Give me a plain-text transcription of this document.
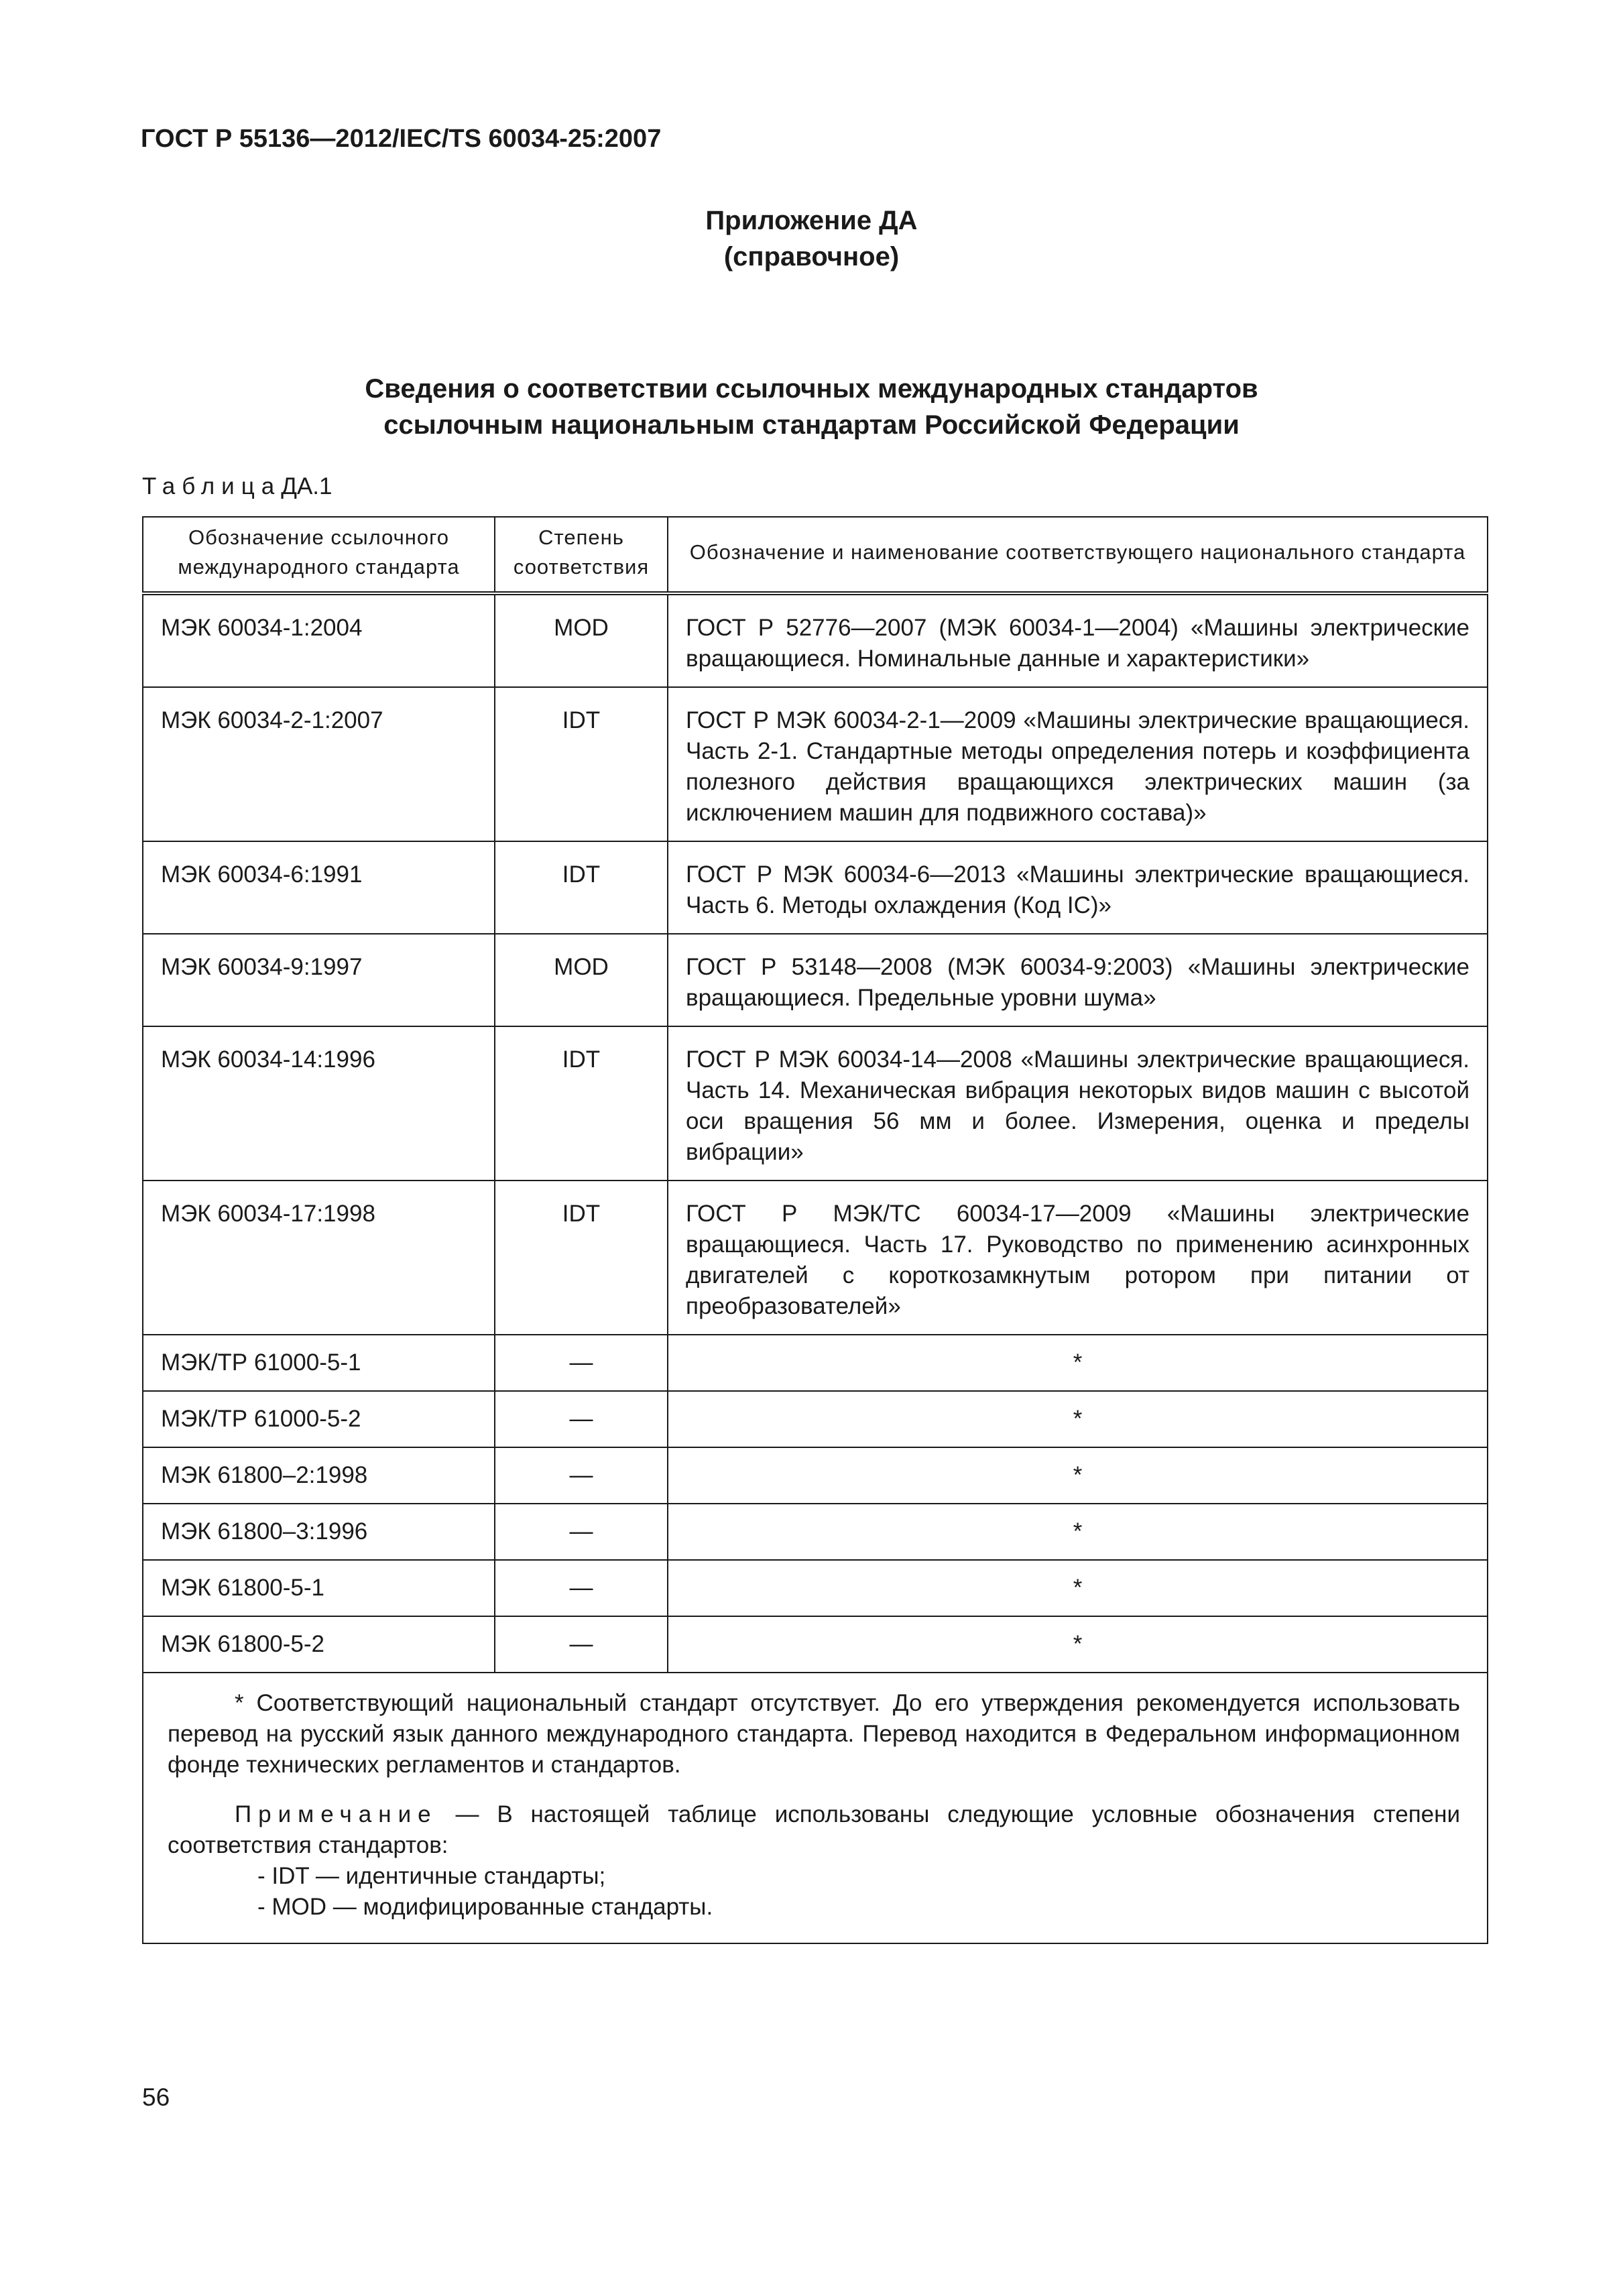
ГОСТ Р 55136—2012/IEC/TS 60034-25:2007
Приложение ДА
(справочное)
Сведения о соответствии ссылочных международных стандартов
ссылочным национальным стандартам Российской Федерации
ТаблицаДА.1
Обозначение ссылочного международного стандарта	Степень соответствия	Обозначение и наименование соответствующего национального стандарта
МЭК 60034-1:2004	MOD	ГОСТ Р 52776—2007 (МЭК 60034-1—2004) «Машины электрические вращающиеся. Номинальные данные и характеристики»
МЭК 60034-2-1:2007	IDT	ГОСТ Р МЭК 60034-2-1—2009 «Машины электрические вращающиеся. Часть 2-1. Стандартные методы определения потерь и коэффициента полезного действия вращающихся электрических машин (за исключением машин для подвижного состава)»
МЭК 60034-6:1991	IDT	ГОСТ Р МЭК 60034-6—2013 «Машины электрические вращающиеся. Часть 6. Методы охлаждения (Код IC)»
МЭК 60034-9:1997	MOD	ГОСТ Р 53148—2008 (МЭК 60034-9:2003) «Машины электрические вращающиеся. Предельные уровни шума»
МЭК 60034-14:1996	IDT	ГОСТ Р МЭК 60034-14—2008 «Машины электрические вращающиеся. Часть 14. Механическая вибрация некоторых видов машин с высотой оси вращения 56 мм и более. Измерения, оценка и пределы вибрации»
МЭК 60034-17:1998	IDT	ГОСТ Р МЭК/ТС 60034-17—2009 «Машины электрические вращающиеся. Часть 17. Руководство по применению асинхронных двигателей с короткозамкнутым ротором при питании от преобразователей»
МЭК/ТР 61000-5-1	—	*
МЭК/ТР 61000-5-2	—	*
МЭК 61800–2:1998	—	*
МЭК 61800–3:1996	—	*
МЭК 61800-5-1	—	*
МЭК 61800-5-2	—	*

* Соответствующий национальный стандарт отсутствует. До его утверждения рекомендуется использовать перевод на русский язык данного международного стандарта. Перевод находится в Федеральном информационном фонде технических регламентов и стандартов.

Примечание — В настоящей таблице использованы следующие условные обозначения степени соответствия стандартов:

- IDT — идентичные стандарты;

- MOD — модифицированные стандарты.		

56
